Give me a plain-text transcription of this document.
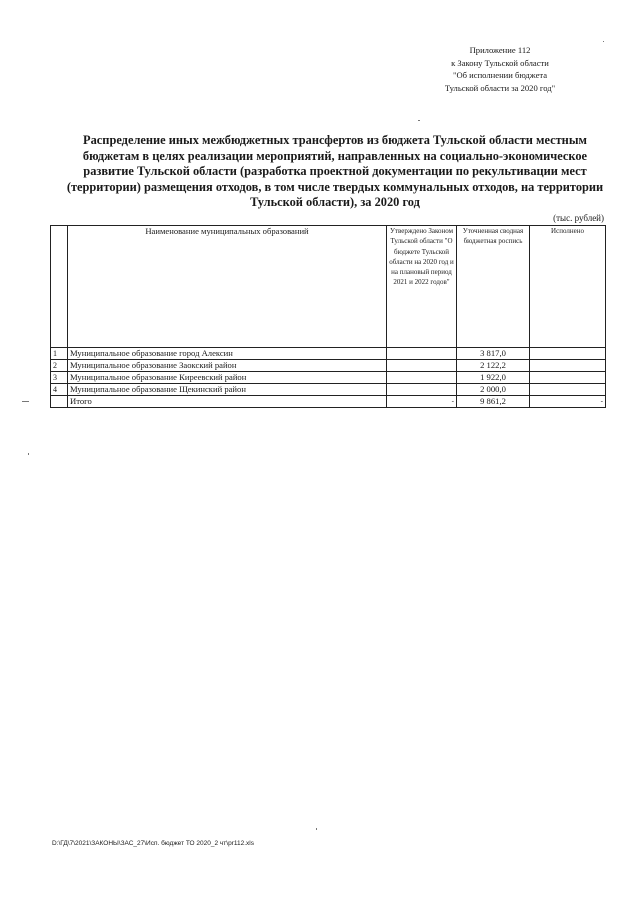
Приложение 112
к Закону Тульской области
"Об исполнении бюджета
Тульской области за 2020 год"
Распределение иных межбюджетных трансфертов из бюджета Тульской области местным
бюджетам в целях реализации мероприятий, направленных на социально-экономическое
развитие Тульской области (разработка проектной документации по рекультивации мест
(территории) размещения отходов, в том числе твердых коммунальных отходов, на территории
Тульской области), за 2020 год
(тыс. рублей)
	Наименование муниципальных образований	Утверждено Законом Тульской области "О бюджете Тульской области на 2020 год и на плановый период 2021 и 2022 годов"	Уточненная сводная бюджетная роспись	Исполнено
1	Муниципальное образование город Алексин		3 817,0	
2	Муниципальное образование Заокский район		2 122,2	
3	Муниципальное образование Киреевский район		1 922,0	
4	Муниципальное образование Щекинский район		2 000,0	
	Итого	-	9 861,2	-
D:\ГД\7\2021\ЗАКОНЫ\ЗАС_27\Исп. бюджет ТО 2020_2 чт\pr112.xls
